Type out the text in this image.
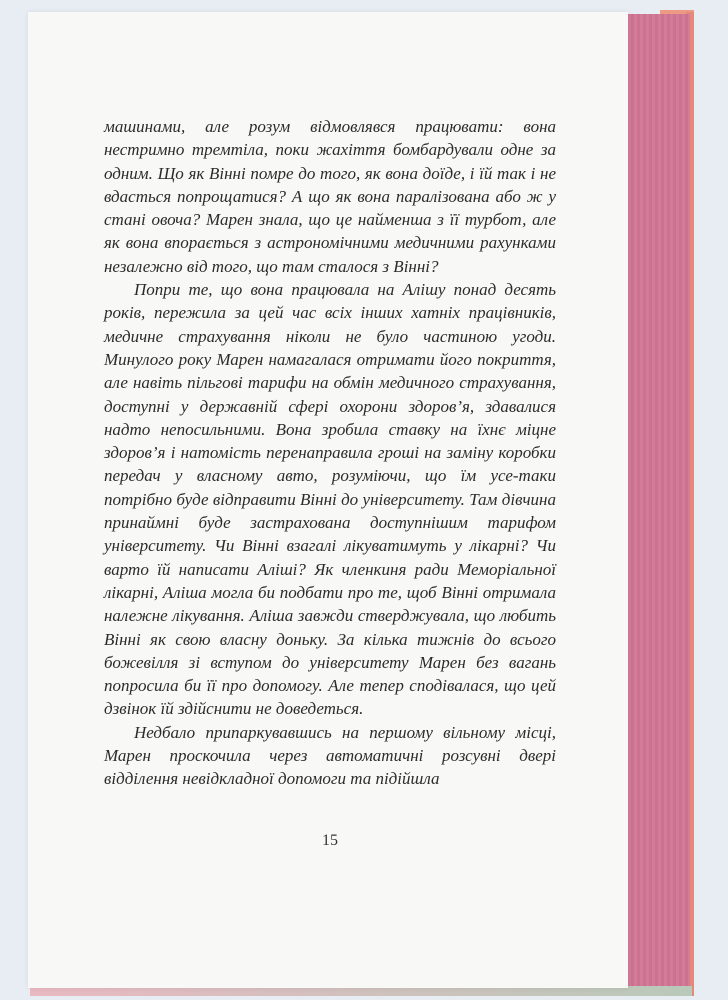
машинами, але розум відмовлявся працювати: вона нестримно тремтіла, поки жахіття бомбардували одне за одним. Що як Вінні помре до того, як вона доїде, і їй так і не вдасться попрощатися? А що як вона паралізована або ж у стані овоча? Марен знала, що це найменша з її турбот, але як вона впорається з астрономічними медичними рахунками незалежно від того, що там сталося з Вінні?

Попри те, що вона працювала на Алішу понад десять років, пережила за цей час всіх інших хатніх працівників, медичне страхування ніколи не було частиною угоди. Минулого року Марен намагалася отримати його покриття, але навіть пільгові тарифи на обмін медичного страхування, доступні у державній сфері охорони здоров’я, здавалися надто непосильними. Вона зробила ставку на їхнє міцне здоров’я і натомість перенаправила гроші на заміну коробки передач у власному авто, розуміючи, що їм усе-таки потрібно буде відправити Вінні до університету. Там дівчина принаймні буде застрахована доступнішим тарифом університету. Чи Вінні взагалі лікуватимуть у лікарні? Чи варто їй написати Аліші? Як членкиня ради Меморіальної лікарні, Аліша могла би подбати про те, щоб Вінні отримала належне лікування. Аліша завжди стверджувала, що любить Вінні як свою власну доньку. За кілька тижнів до всього божевілля зі вступом до університету Марен без вагань попросила би її про допомогу. Але тепер сподівалася, що цей дзвінок їй здійснити не доведеться.

Недбало припаркувавшись на першому вільному місці, Марен проскочила через автоматичні розсувні двері відділення невідкладної допомоги та підійшла

15
